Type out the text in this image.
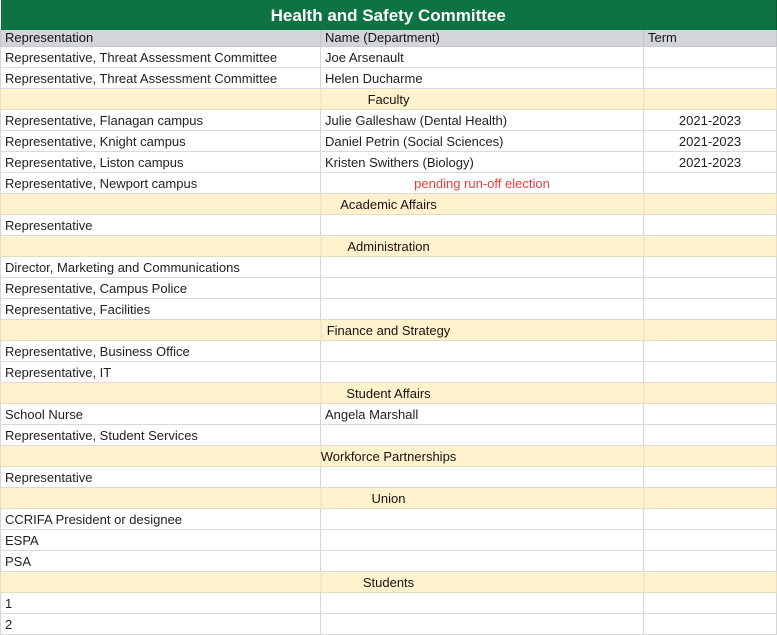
Health and Safety Committee		
Representation	Name (Department)	Term
Representative, Threat Assessment Committee	Joe Arsenault	
Representative, Threat Assessment Committee	Helen Ducharme	
Faculty		
Representative, Flanagan campus	Julie Galleshaw (Dental Health)	2021-2023
Representative, Knight campus	Daniel Petrin (Social Sciences)	2021-2023
Representative, Liston campus	Kristen Swithers (Biology)	2021-2023
Representative, Newport campus	pending run-off election	
Academic Affairs		
Representative		
Administration		
Director, Marketing and Communications		
Representative, Campus Police		
Representative, Facilities		
Finance and Strategy		
Representative, Business Office		
Representative, IT		
Student Affairs		
School Nurse	Angela Marshall	
Representative, Student Services		
Workforce Partnerships		
Representative		
Union		
CCRIFA President or designee		
ESPA		
PSA		
Students		
1		
2		
